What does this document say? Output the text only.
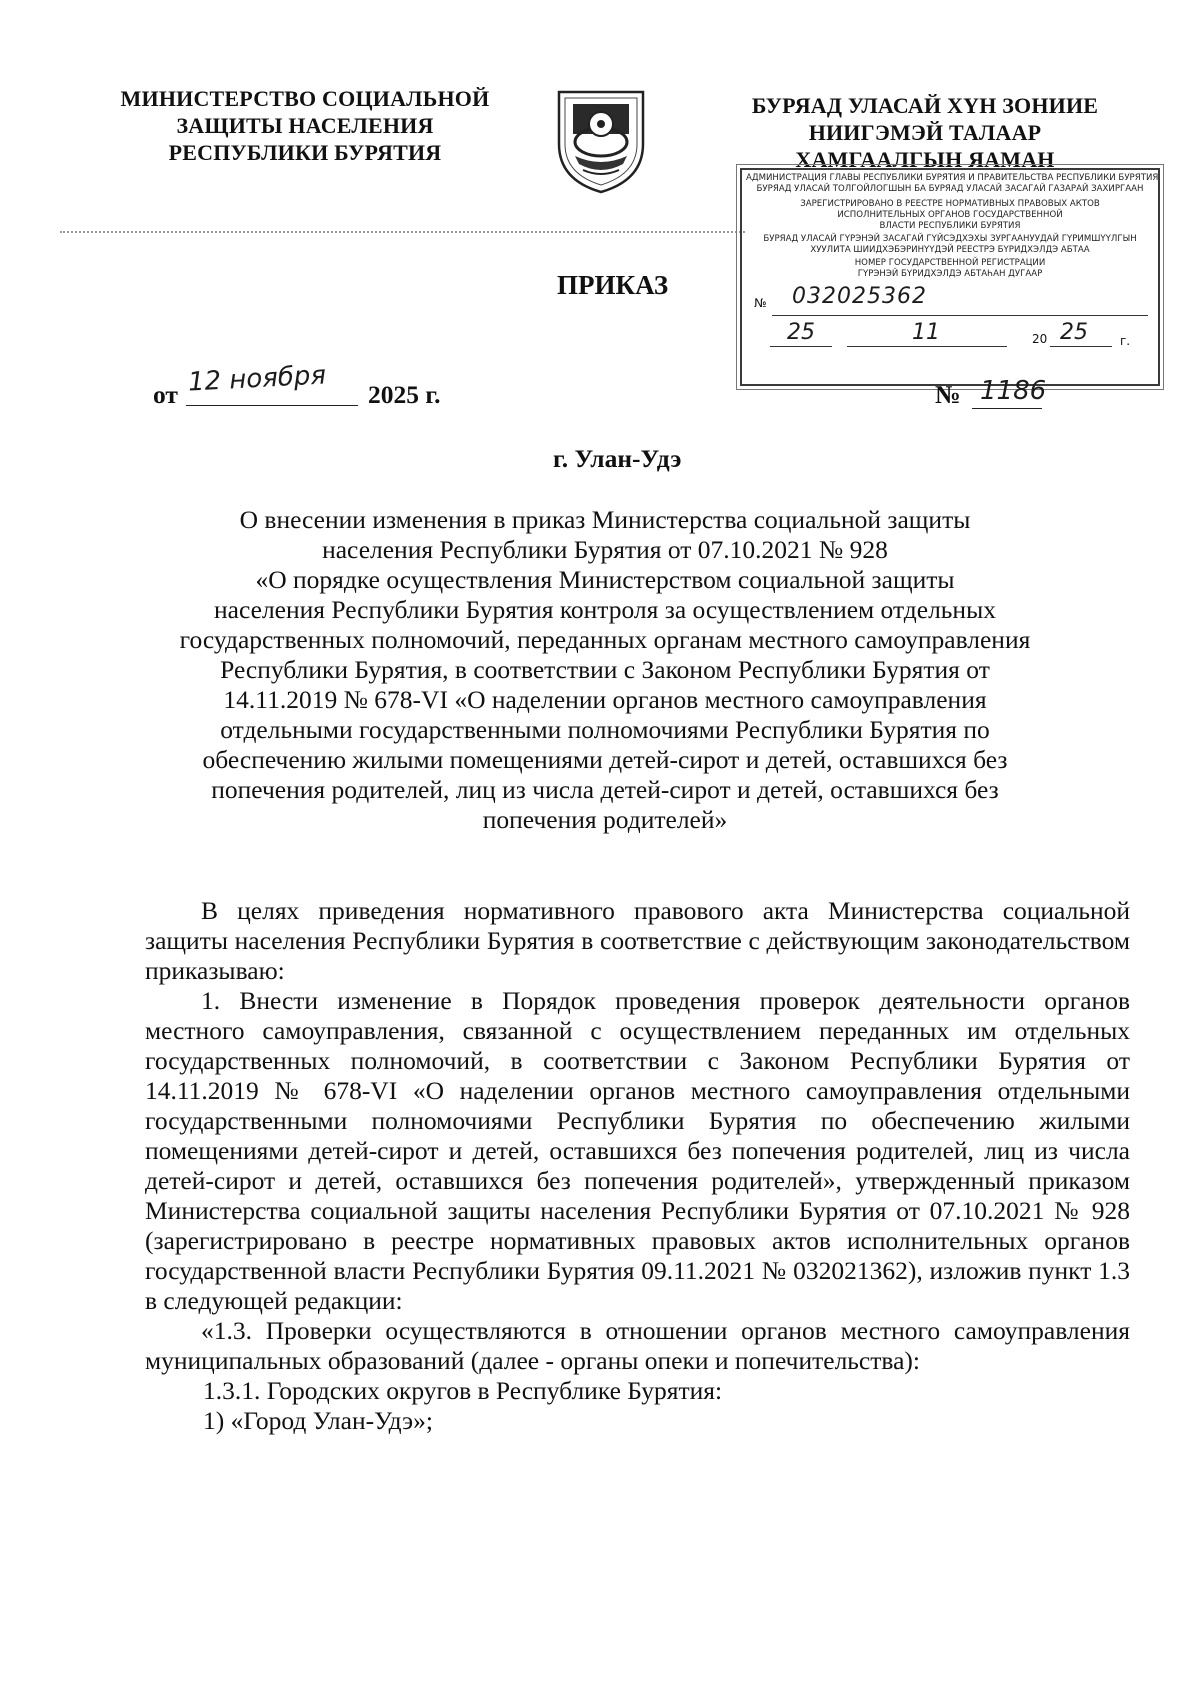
МИНИСТЕРСТВО СОЦИАЛЬНОЙ
ЗАЩИТЫ НАСЕЛЕНИЯ
РЕСПУБЛИКИ БУРЯТИЯ
БУРЯАД УЛАСАЙ ХҮН ЗОНИИЕ
НИИГЭМЭЙ ТАЛААР
ХАМГААЛГЫН ЯАМАН
АДМИНИСТРАЦИЯ ГЛАВЫ РЕСПУБЛИКИ БУРЯТИЯ И ПРАВИТЕЛЬСТВА РЕСПУБЛИКИ БУРЯТИЯ
БУРЯАД УЛАСАЙ ТОЛГОЙЛОГШЫН БА БУРЯАД УЛАСАЙ ЗАСАГАЙ ГАЗАРАЙ ЗАХИРГААН
ЗАРЕГИСТРИРОВАНО В РЕЕСТРЕ НОРМАТИВНЫХ ПРАВОВЫХ АКТОВ
ИСПОЛНИТЕЛЬНЫХ ОРГАНОВ ГОСУДАРСТВЕННОЙ
ВЛАСТИ РЕСПУБЛИКИ БУРЯТИЯ
БУРЯАД УЛАСАЙ ГҮРЭНЭЙ ЗАСАГАЙ ГҮЙСЭДХЭХЫ ЗУРГААНУУДАЙ ГҮРИМШҮҮЛГЫН
ХУУЛИТА ШИИДХЭБЭРИНҮҮДЭЙ РЕЕСТРЭ БҮРИДХЭЛДЭ АБТАА
НОМЕР ГОСУДАРСТВЕННОЙ РЕГИСТРАЦИИ
ГҮРЭНЭЙ БҮРИДХЭЛДЭ АБТАҺАН ДУГААР
№ 032025362
25	11	20 25	г.
ПРИКАЗ
от 12 ноября 2025 г.	№ 1186
г. Улан-Удэ
О внесении изменения в приказ Министерства социальной защиты
населения Республики Бурятия от 07.10.2021 № 928
«О порядке осуществления Министерством социальной защиты
населения Республики Бурятия контроля за осуществлением отдельных
государственных полномочий, переданных органам местного самоуправления
Республики Бурятия, в соответствии с Законом Республики Бурятия от
14.11.2019 № 678-VI «О наделении органов местного самоуправления
отдельными государственными полномочиями Республики Бурятия по
обеспечению жилыми помещениями детей-сирот и детей, оставшихся без
попечения родителей, лиц из числа детей-сирот и детей, оставшихся без
попечения родителей»
В целях приведения нормативного правового акта Министерства социальной защиты населения Республики Бурятия в соответствие с действующим законодательством приказываю:
1. Внести изменение в Порядок проведения проверок деятельности органов местного самоуправления, связанной с осуществлением переданных им отдельных государственных полномочий, в соответствии с Законом Республики Бурятия от 14.11.2019 № 678-VI «О наделении органов местного самоуправления отдельными государственными полномочиями Республики Бурятия по обеспечению жилыми помещениями детей-сирот и детей, оставшихся без попечения родителей, лиц из числа детей-сирот и детей, оставшихся без попечения родителей», утвержденный приказом Министерства социальной защиты населения Республики Бурятия от 07.10.2021 № 928 (зарегистрировано в реестре нормативных правовых актов исполнительных органов государственной власти Республики Бурятия 09.11.2021 № 032021362), изложив пункт 1.3 в следующей редакции:
«1.3. Проверки осуществляются в отношении органов местного самоуправления муниципальных образований (далее - органы опеки и попечительства):
1.3.1. Городских округов в Республике Бурятия:
1) «Город Улан-Удэ»;
